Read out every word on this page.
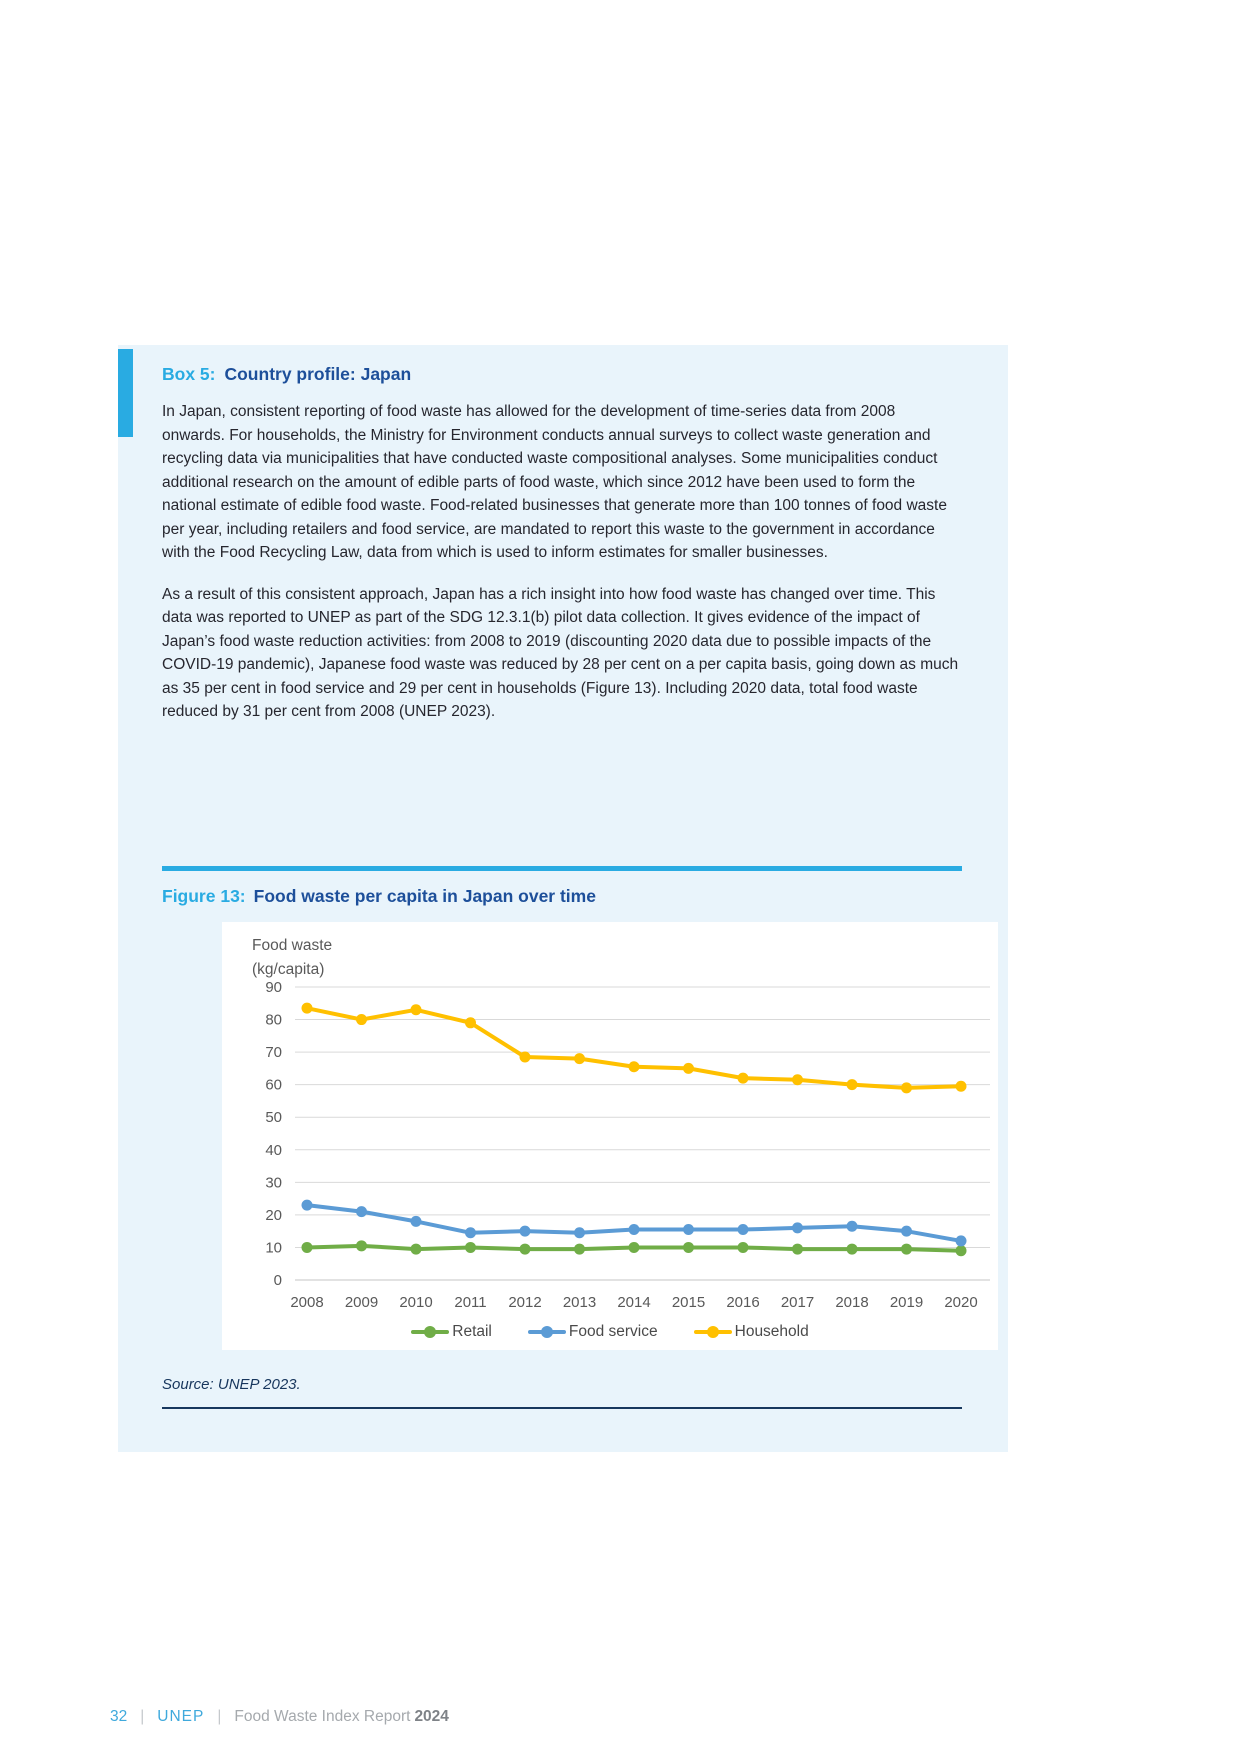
Box 5: Country profile: Japan

In Japan, consistent reporting of food waste has allowed for the development of time-series data from 2008 onwards. For households, the Ministry for Environment conducts annual surveys to collect waste generation and recycling data via municipalities that have conducted waste compositional analyses. Some municipalities conduct additional research on the amount of edible parts of food waste, which since 2012 have been used to form the national estimate of edible food waste. Food-related businesses that generate more than 100 tonnes of food waste per year, including retailers and food service, are mandated to report this waste to the government in accordance with the Food Recycling Law, data from which is used to inform estimates for smaller businesses.

As a result of this consistent approach, Japan has a rich insight into how food waste has changed over time. This data was reported to UNEP as part of the SDG 12.3.1(b) pilot data collection. It gives evidence of the impact of Japan’s food waste reduction activities: from 2008 to 2019 (discounting 2020 data due to possible impacts of the COVID-19 pandemic), Japanese food waste was reduced by 28 per cent on a per capita basis, going down as much as 35 per cent in food service and 29 per cent in households (Figure 13). Including 2020 data, total food waste reduced by 31 per cent from 2008 (UNEP 2023).

Figure 13: Food waste per capita in Japan over time
Food waste
(kg/capita)
0
10
20
30
40
50
60
70
80
90
2008 2009 2010 2011 2012 2013 2014 2015 2016 2017 2018 2019 2020
Retail	Food service	Household

Source: UNEP 2023.

32 | UNEP | Food Waste Index Report 2024
